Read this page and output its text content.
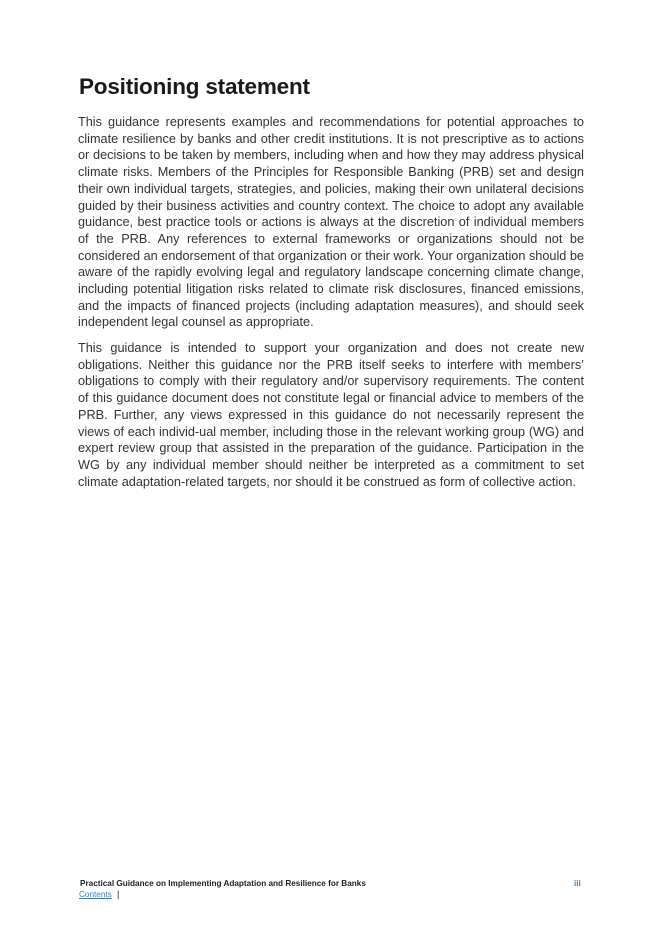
Positioning statement

This guidance represents examples and recommendations for potential approaches to climate resilience by banks and other credit institutions. It is not prescriptive as to actions or decisions to be taken by members, including when and how they may address physical climate risks. Members of the Principles for Responsible Banking (PRB) set and design their own individual targets, strategies, and policies, making their own unilateral decisions guided by their business activities and country context. The choice to adopt any available guidance, best practice tools or actions is always at the discretion of individual members of the PRB. Any references to external frameworks or organizations should not be considered an endorsement of that organization or their work. Your organization should be aware of the rapidly evolving legal and regulatory landscape concerning climate change, including potential litigation risks related to climate risk disclosures, financed emissions, and the impacts of financed projects (including adaptation measures), and should seek independent legal counsel as appropriate.

This guidance is intended to support your organization and does not create new obligations. Neither this guidance nor the PRB itself seeks to interfere with members’ obligations to comply with their regulatory and/or supervisory requirements. The content of this guidance document does not constitute legal or financial advice to members of the PRB. Further, any views expressed in this guidance do not necessarily represent the views of each individ-ual member, including those in the relevant working group (WG) and expert review group that assisted in the preparation of the guidance. Participation in the WG by any individual member should neither be interpreted as a commitment to set climate adaptation-related targets, nor should it be construed as form of collective action.

Practical Guidance on Implementing Adaptation and Resilience for Banks	iii
Contents |
